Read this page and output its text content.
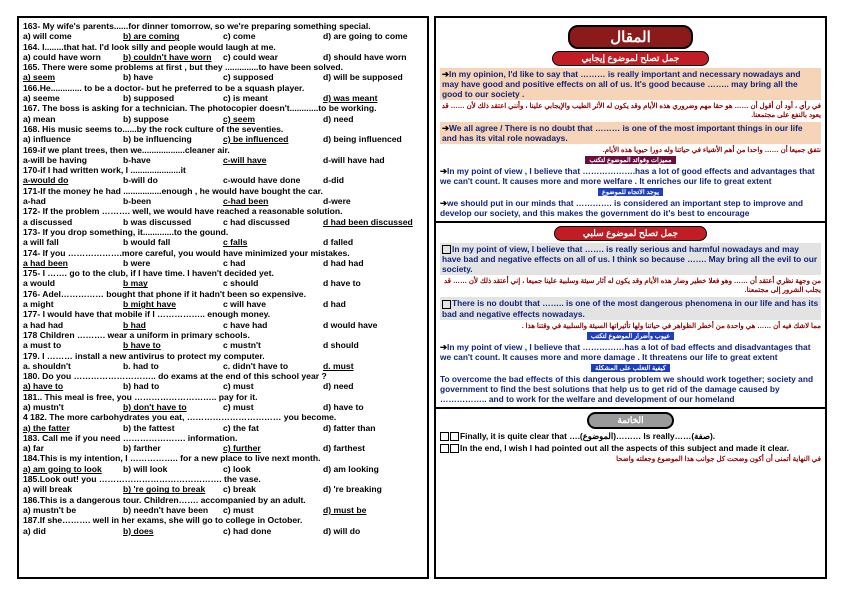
163- My wife's parents......for dinner tomorrow, so we're preparing something special.
a) will come	b) are coming	c) come	d) are going to come
164. I........that hat. I'd look silly and people would laugh at me.
a) could have worn	b) couldn't have worn	c) could wear	d) should have worn
165. There were some problems at first , but they ..............to have been solved.
a) seem	b) have	c) supposed	d) will be supposed
166.He............. to be a doctor- but he preferred to be a squash player.
a) seeme	b) supposed	c) is meant	d) was meant
167. The boss is asking for a technician. The photocopier doesn't............to be working.
a) mean	b) suppose	c) seem	d) need
168. His music seems to......by the rock culture of the seventies.
a) influence	b) be influencing	c) be influenced	d) being influenced
169-if we plant trees, then we..................cleaner air.
a-will be having	b-have	c-will have	d-will have had
170-if I had written work, I .....................it
a-would do	b-will do	c-would have done	d-did
171-If the money he had ................enough , he would have bought the car.
a-had	b-been	c-had been	d-were
172- If the problem ………. well, we would have reached a reasonable solution.
a discussed	b was discussed	c had discussed	d had been discussed
173- If you drop something, it.............to the gound.
a will fall	b would fall	c falls	d falled
174- If you ……………….more careful, you would have minimized your mistakes.
a had been	b were	c had	d had had
175- I ……. go to the club, if I have time. I haven't decided yet.
a would	b may	c should	d have to
176- Adel…………… bought that phone if it hadn't been so expensive.
a might	b might have	c will have	d had
177- I would have that mobile if I …………….. enough money.
a had had	b had	c have had	d would have
178 Children ………. wear a uniform in primary schools.
a must to	b have to	c mustn't	d should
179. I ……… install a new antivirus to protect my computer.
a. shouldn't	b. had to	c. didn't have to	d. must
180. Do you ……………………….. do exams at the end of this school year ?
a) have to	b) had to	c) must	d) need
181.. This meal is free, you ……………………….. pay for it.
a) mustn't	b) don't have to	c) must	d) have to
4 182. The more carbohydrates you eat, …………………………… you become.
a) the fatter	b) the fattest	c) the fat	d) fatter than
183. Call me if you need …………………. information.
a) far	b) farther	c) further	d) farthest
184.This is my intention, I …………….. for a new place to live next month.
a) am going to look	b) will look	c) look	d) am looking
185.Look out! you ……………………………………. the vase.
a) will break	b) 're going to break	c) break	d) 're breaking
186.This is a dangerous tour. Children……. accompanied by an adult.
a) mustn't be	b) needn't have been	c) must	d) must be
187.If she………. well in her exams, she will go to college in October.
a) did	b) does	c) had done	d) will do
المقال
جمل تصلح لموضوع إيجابي
➔In my opinion, I'd like to say that ……… is really important and necessary nowadays and may have good and positive effects on all of us. It's good because …….. may bring all the good to our society .
في رأي ، أود أن أقول أن …… هو حقا مهم وضروري هذه الأيام وقد يكون له الأثر الطيب والإيجابي علينا ، وأنني اعتقد ذلك لأن …… قد يعود بالنفع على مجتمعنا.
➔We all agree / There is no doubt that ……… is one of the most important things in our life and has its vital role nowadays.
نتفق جميعا أن …… واحدا من أهم الأشياء في حياتنا وله دورا حيويا هذه الأيام.
مميزات وفوائد الموضوع لتكتب
➔In my point of view , I believe that ……………….has a lot of good effects and advantages that we can't count. It causes more and more welfare . It enriches our life to great extent
يوجد الاتجاه للموضوع
➔we should put in our minds that …………. is considered an important step to improve and develop our society, and this makes the government do it's best to encourage
جمل تصلح لموضوع سلبي
In my point of view, I believe that ……. is really serious and harmful nowadays and may have bad and negative effects on all of us. I think so because ……. May bring all the evil to our society.
من وجهة نظري أعتقد أن …… وهو فعلا خطير وضار هذه الأيام وقد يكون له آثار سيئة وسلبية علينا جميعا ، إني أعتقد ذلك لأن …… قد يجلب الشرور إلى مجتمعنا.
There is no doubt that …….. is one of the most dangerous phenomena in our life and has its bad and negative effects nowadays.
مما لاشك فيه أن …… هي واحدة من أخطر الظواهر في حياتنا ولها تأثيراتها السيئة والسلبية في وقتنا هذا .
عيوب وأضرار الموضوع لتكتب
➔In my point of view , I believe that ……………has a lot of bad effects and disadvantages that we can't count. It causes more and more damage . It threatens our life to great extent
كيفية التغلب على المشكلة
To overcome the bad effects of this dangerous problem we should work together; society and government to find the best solutions that help us to get rid of the damage caused by …………….. and to work for the welfare and development of our homeland
الخاتمة
Finally, it is quite clear that ….(الموضوع)……… Is really……(صفة).
In the end, I wish I had pointed out all the aspects of this subject and made it clear.
في النهاية أتمنى أن أكون وضحت كل جوانب هذا الموضوع وجعلته واضحا
